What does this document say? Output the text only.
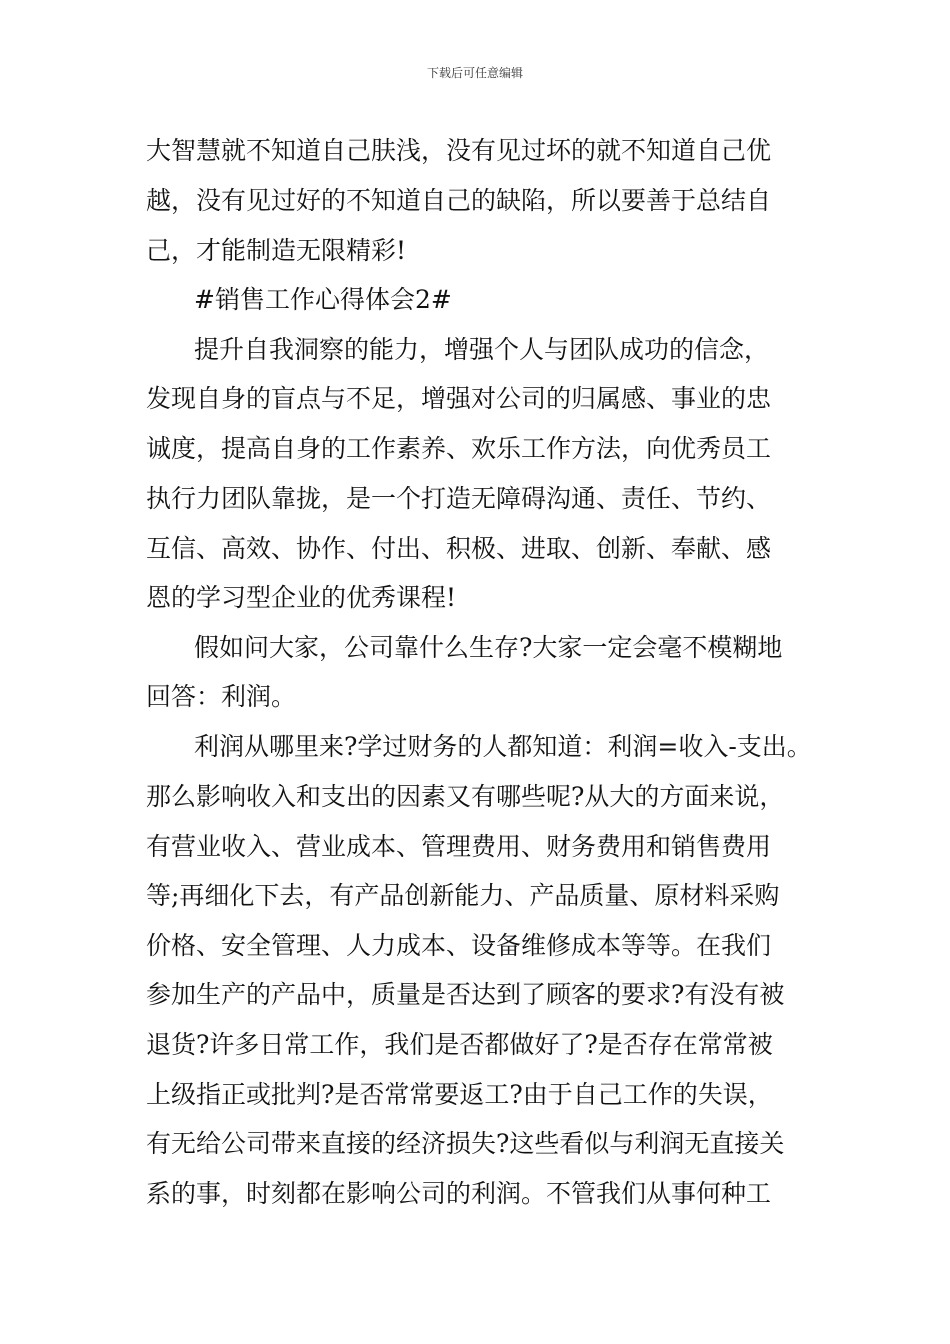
下载后可任意编辑
大智慧就不知道自己肤浅，没有见过坏的就不知道自己优
越，没有见过好的不知道自己的缺陷，所以要善于总结自
己，才能制造无限精彩!
#销售工作心得体会2#
提升自我洞察的能力，增强个人与团队成功的信念，
发现自身的盲点与不足，增强对公司的归属感、事业的忠
诚度，提高自身的工作素养、欢乐工作方法，向优秀员工
执行力团队靠拢，是一个打造无障碍沟通、责任、节约、
互信、高效、协作、付出、积极、进取、创新、奉献、感
恩的学习型企业的优秀课程!
假如问大家，公司靠什么生存?大家一定会毫不模糊地
回答：利润。
利润从哪里来?学过财务的人都知道：利润=收入-支出。
那么影响收入和支出的因素又有哪些呢?从大的方面来说，
有营业收入、营业成本、管理费用、财务费用和销售费用
等;再细化下去，有产品创新能力、产品质量、原材料采购
价格、安全管理、人力成本、设备维修成本等等。在我们
参加生产的产品中，质量是否达到了顾客的要求?有没有被
退货?许多日常工作，我们是否都做好了?是否存在常常被
上级指正或批判?是否常常要返工?由于自己工作的失误，
有无给公司带来直接的经济损失?这些看似与利润无直接关
系的事，时刻都在影响公司的利润。不管我们从事何种工
